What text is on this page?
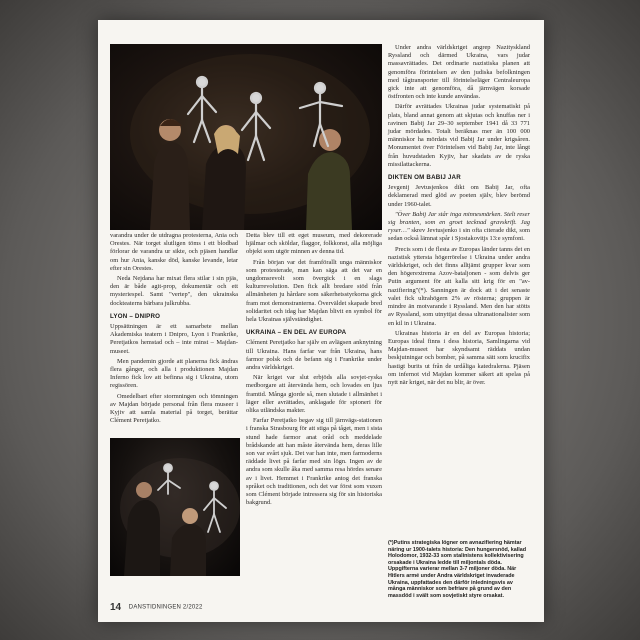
varandra under de utdragna protesterna, Ania och Orestes. När torget slutligen töms i ett blodbad förlorar de varandra ur sikte, och pjäsen handlar om hur Ania, kanske död, kanske levande, letar efter sin Orestes.

Neda Nejdana har mixat flera stilar i sin pjäs, den är både agit-prop, dokumentär och ett mysteriespel. Samt "vertep", den ukrainska dockteaterns bärbara julkrubba.

LYON – DNIPRO

Uppsättningen är ett samarbete mellan Akademiska teatern i Dnipro, Lyon i Frankrike, Peretjatkos hemstad och – inte minst – Majdan-museet.

Men pandemin gjorde att planerna fick ändras flera gånger, och alla i produktionen Majdan Inferno fick lov att befinna sig i Ukraina, utom regissören.

Omedelbart efter stormningen och tömningen av Majdan började personal från flera museer i Kyjiv att samla material på torget, berättar Clément Peretjatko.

Detta blev till ett eget museum, med dekorerade hjälmar och sköldar, flaggor, folkkonst, alla möjliga objekt som utgör minnen av denna tid.

Från början var det framförallt unga människor som protesterade, man kan säga att det var en ungdomsrevolt som övergick i en slags kulturrevolution. Den fick allt bredare stöd från allmänheten ju hårdare som säkerhetsstyrkorna gick fram mot demonstranterna. Överväldet skapade bred solidaritet och idag har Majdan blivit en symbol för hela Ukrainas självständighet.

UKRAINA – EN DEL AV EUROPA

Clément Peretjatko har själv en avlägsen anknytning till Ukraina. Hans farfar var från Ukraina, hans farmor polsk och de befann sig i Frankrike under andra världskriget.

När kriget var slut erbjöds alla sovjet-ryska medborgare att återvända hem, och lovades en ljus framtid. Många gjorde så, men slutade i allmänhet i läger eller avrättades, anklagade för spioneri för olika utländska makter.

Farfar Peretjatko begav sig till järnvägs-stationen i franska Strasbourg för att stiga på tåget, men i sista stund hade farmor anat oråd och meddelade brådskande att han måste återvända hem, deras lille son var svårt sjuk. Det var han inte, men farmoderns räddade livet på farfar med sin lögn. Ingen av de andra som skulle åka med samma resa hördes senare av i livet. Hemmet i Frankrike antog det franska språket och traditionen, och det var först som vuxen som Clément började intressera sig för sin historiska bakgrund.

Under andra världskriget angrep Nazityskland Ryssland och därmed Ukraina, vars judar massavrättades. Det ordinarie nazistiska planen att genomföra förintelsen av den judiska befolkningen med tågtransporter till förintelseläger Centraleuropa gick inte att genomföra, då järnvägen korsade östfronten och inte kunde användas.

Därför avrättades Ukrainas judar systematiskt på plats, bland annat genom att skjutas och knuffas ner i ravinen Babij Jar 29–30 september 1941 då 33 771 judar mördades. Totalt beräknas mer än 100 000 människor ha mördats vid Babij Jar under krigsåren. Monumentet över Förintelsen vid Babij Jar, inte långt från huvudstaden Kyjiv, har skadats av de ryska missilattackerna.

DIKTEN OM BABIJ JAR

Jevgenij Jevtusjenkos dikt om Babij Jar, ofta deklamerad med glöd av poeten själv, blev berömd under 1960-talet.

"Över Babij Jar står inga minnesmärken. Stelt reser sig branten, som en groet tecknad gravskrift. Jag ryser…" skrev Jevtusjenko i sin ofta citerade dikt, som sedan också lämnat spår i Sjostakovitjs 13:e symfoni.

Precis som i de flesta av Europas länder tanns det en nazistisk yttersta högerrörelse i Ukraina under andra världskriget, och det finns alltjämt grupper kvar som den högerextrema Azov-bataljonen - som delvis ger Putin argument för att kalla sitt krig för en "av-nazifiering"(*). Sanningen är dock att i det senaste valet fick ultrahögern 2% av rösterna; gruppen är mindre än motvarande i Ryssland. Men den har stötts av Ryssland, som utnyttjat dessa ultranationalister som en kil in i Ukraina.

Ukrainas historia är en del av Europas historia; Europas ideal finns i dess historia, Samlingarna vid Majdan-museet har skyndsamt räddats undan beskjutningar och bomber, på samma sätt som krucifix hastigt burits ut från de urdåliga katedralerna. Pjäsen om infernot vid Majdan kommer säkert att spelas på nytt när kriget, när det nu blir, är över.

(*)Putins strategiska lögner om avnazifiering hämtar näring ur 1900-talets historia: Den hungersnöd, kallad Holodomor, 1932-33 som stalinistens kollektivisering orsakade i Ukraina ledde till miljontals döda. Uppgifterna varierar mellan 3-7 miljoner döda. När Hitlers armé under Andra världskriget invaderade Ukraina, uppfattades den därför inledningsvis av många människor som befriare på grund av den massdöd i svält som sovjetiskt styre orsakat.
14 DANSTIDNINGEN 2/2022
